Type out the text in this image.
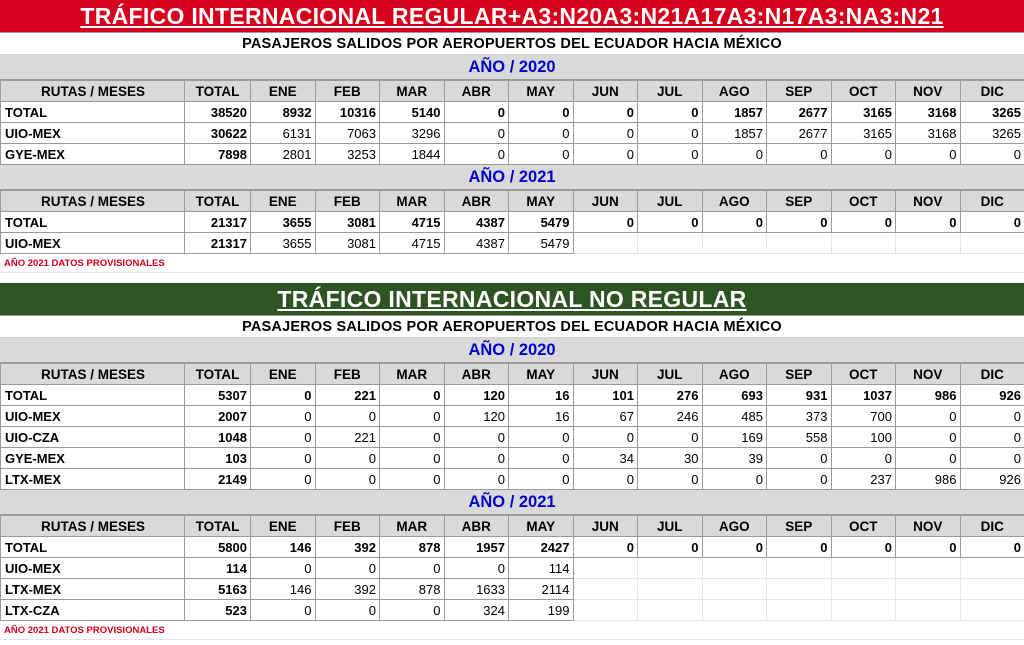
TRÁFICO INTERNACIONAL REGULAR+A3:N20A3:N21A17A3:N17A3:NA3:N21
PASAJEROS SALIDOS POR AEROPUERTOS DEL ECUADOR HACIA MÉXICO
AÑO / 2020
RUTAS / MESES	TOTAL	ENE	FEB	MAR	ABR	MAY	JUN	JUL	AGO	SEP	OCT	NOV	DIC
TOTAL	38520	8932	10316	5140	0	0	0	0	1857	2677	3165	3168	3265
UIO-MEX	30622	6131	7063	3296	0	0	0	0	1857	2677	3165	3168	3265
GYE-MEX	7898	2801	3253	1844	0	0	0	0	0	0	0	0	0
AÑO / 2021
RUTAS / MESES	TOTAL	ENE	FEB	MAR	ABR	MAY	JUN	JUL	AGO	SEP	OCT	NOV	DIC
TOTAL	21317	3655	3081	4715	4387	5479	0	0	0	0	0	0	0
UIO-MEX	21317	3655	3081	4715	4387	5479							
AÑO 2021 DATOS PROVISIONALES
TRÁFICO INTERNACIONAL NO REGULAR
PASAJEROS SALIDOS POR AEROPUERTOS DEL ECUADOR HACIA MÉXICO
AÑO / 2020
RUTAS / MESES	TOTAL	ENE	FEB	MAR	ABR	MAY	JUN	JUL	AGO	SEP	OCT	NOV	DIC
TOTAL	5307	0	221	0	120	16	101	276	693	931	1037	986	926
UIO-MEX	2007	0	0	0	120	16	67	246	485	373	700	0	0
UIO-CZA	1048	0	221	0	0	0	0	0	169	558	100	0	0
GYE-MEX	103	0	0	0	0	0	34	30	39	0	0	0	0
LTX-MEX	2149	0	0	0	0	0	0	0	0	0	237	986	926
AÑO / 2021
RUTAS / MESES	TOTAL	ENE	FEB	MAR	ABR	MAY	JUN	JUL	AGO	SEP	OCT	NOV	DIC
TOTAL	5800	146	392	878	1957	2427	0	0	0	0	0	0	0
UIO-MEX	114	0	0	0	0	114							
LTX-MEX	5163	146	392	878	1633	2114							
LTX-CZA	523	0	0	0	324	199							
AÑO 2021 DATOS PROVISIONALES
